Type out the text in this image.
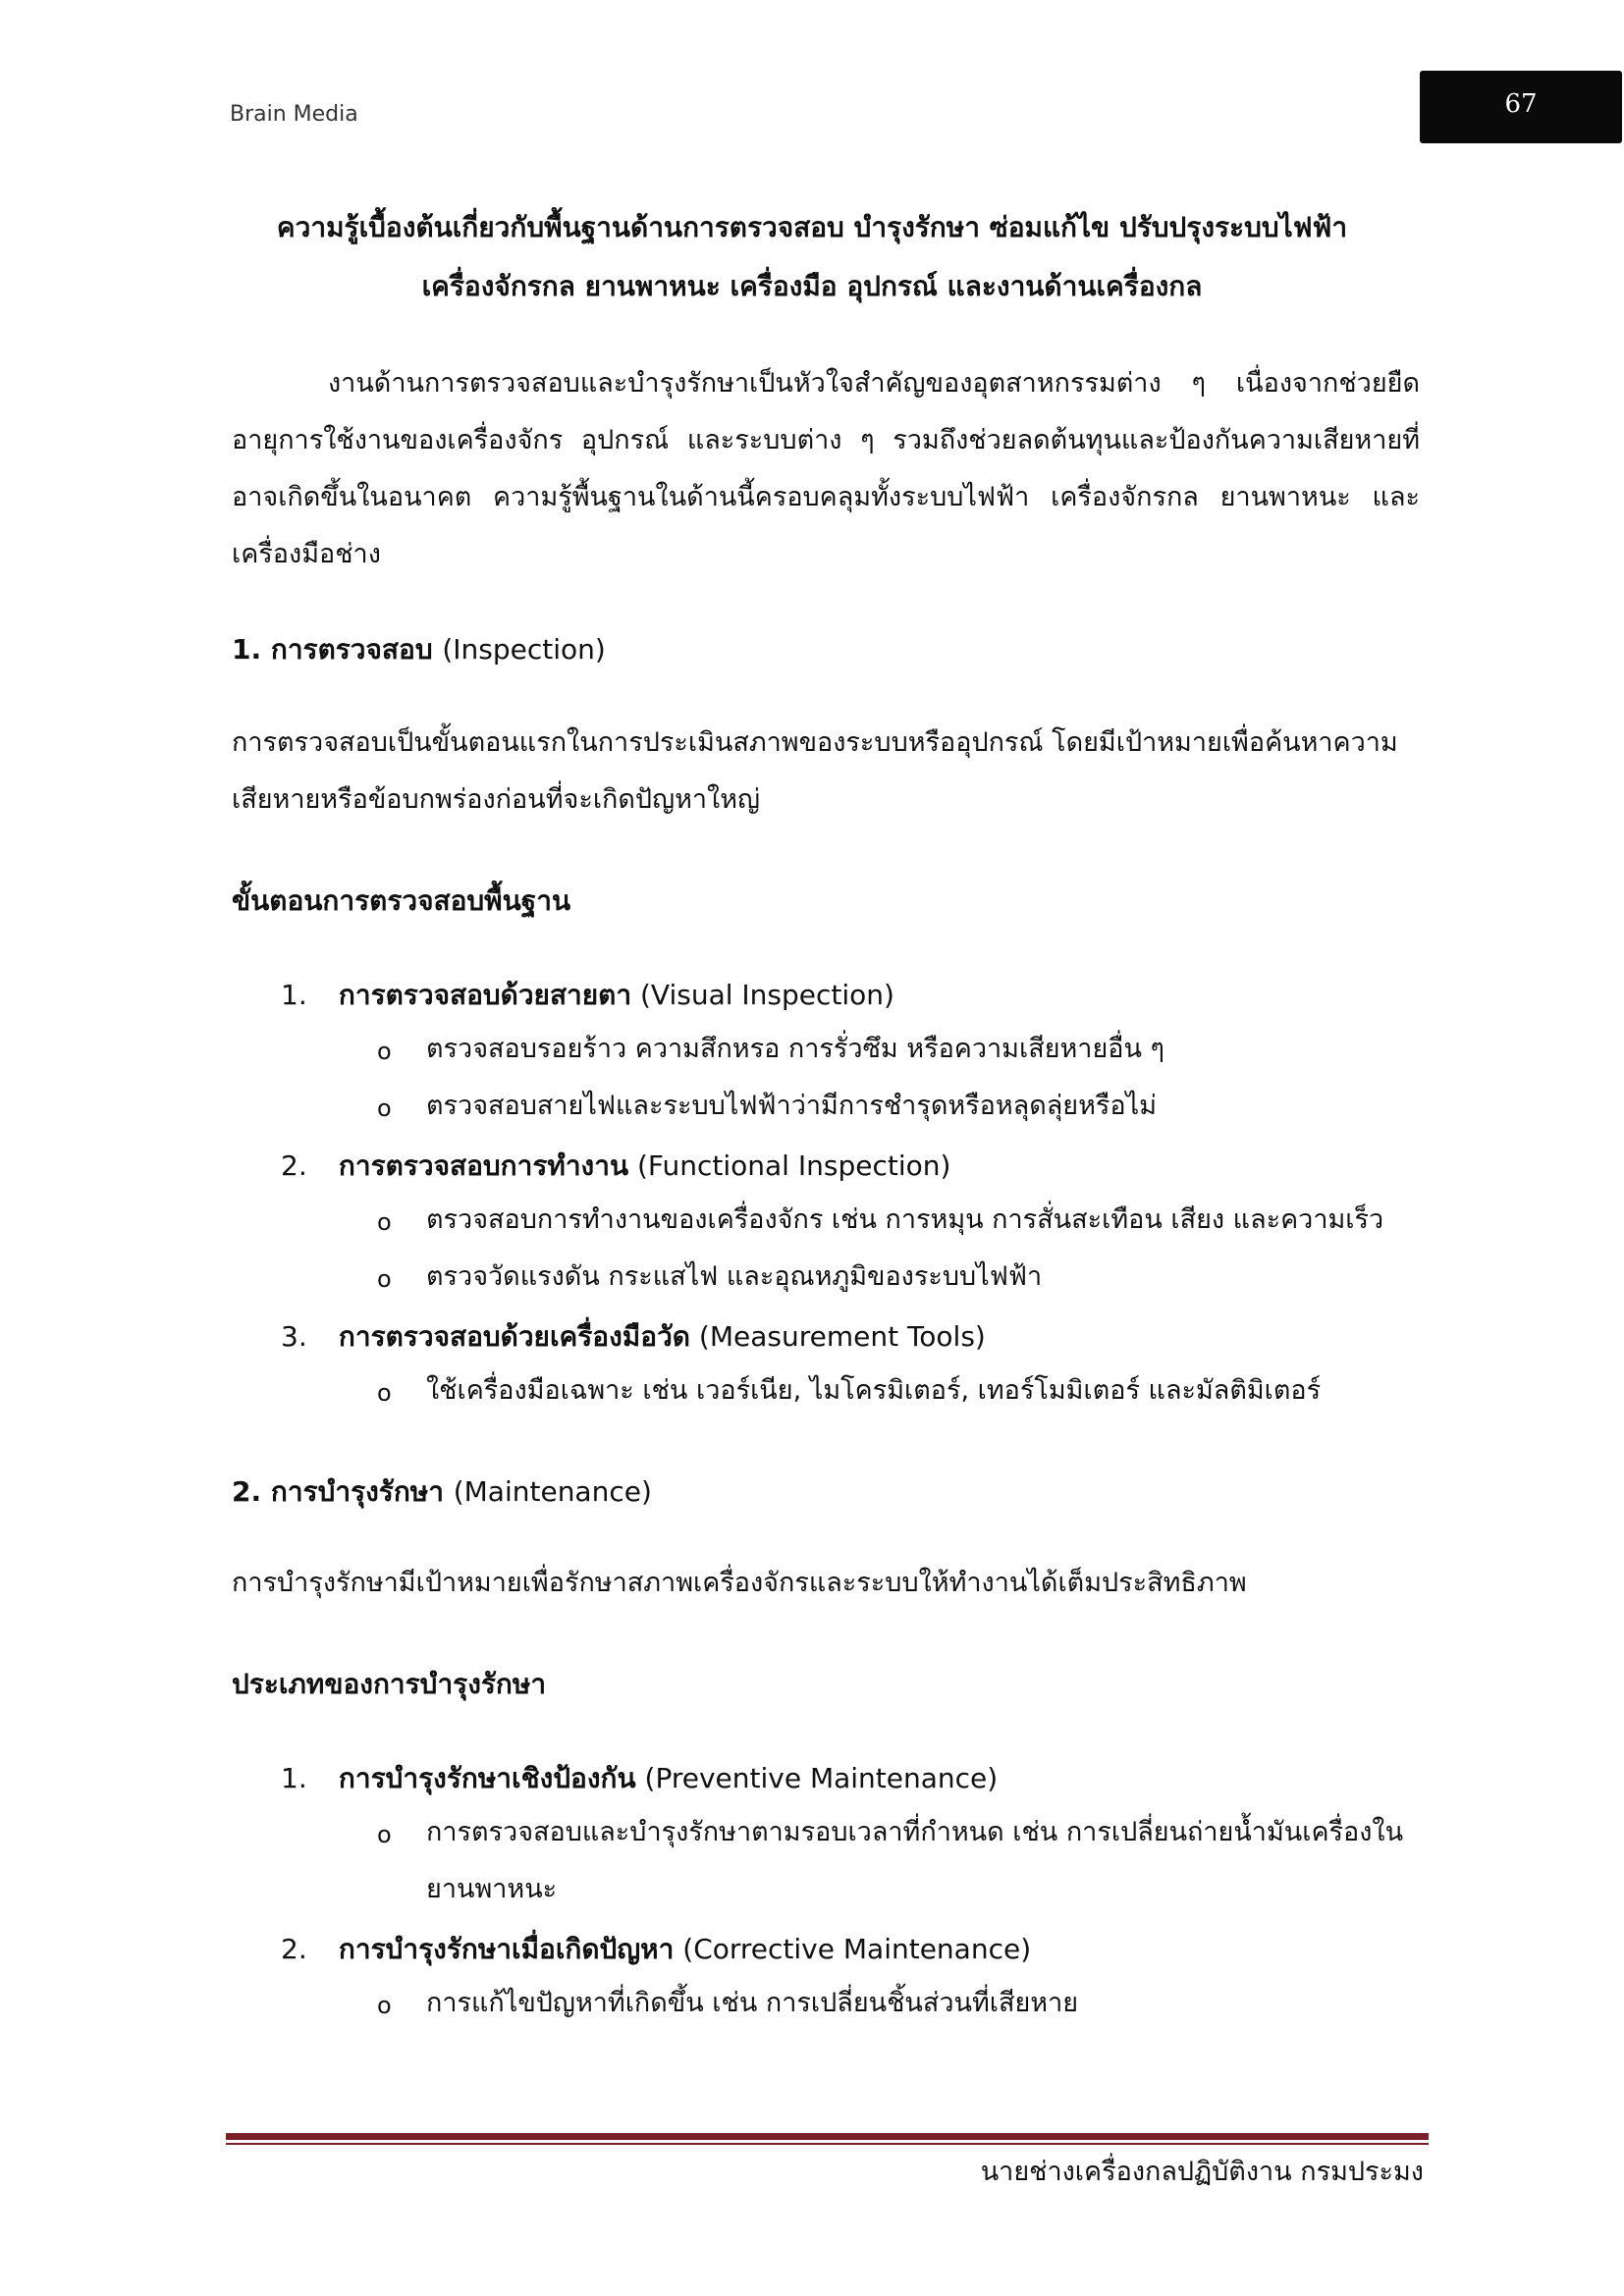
Brain Media	67
ความรู้เบื้องต้นเกี่ยวกับพื้นฐานด้านการตรวจสอบ บำรุงรักษา ซ่อมแก้ไข ปรับปรุงระบบไฟฟ้า
เครื่องจักรกล ยานพาหนะ เครื่องมือ อุปกรณ์ และงานด้านเครื่องกล
งานด้านการตรวจสอบและบำรุงรักษาเป็นหัวใจสำคัญของอุตสาหกรรมต่าง ๆ เนื่องจากช่วยยืดอายุการใช้งานของเครื่องจักร อุปกรณ์ และระบบต่าง ๆ รวมถึงช่วยลดต้นทุนและป้องกันความเสียหายที่อาจเกิดขึ้นในอนาคต ความรู้พื้นฐานในด้านนี้ครอบคลุมทั้งระบบไฟฟ้า เครื่องจักรกล ยานพาหนะ และเครื่องมือช่าง
1. การตรวจสอบ (Inspection)
การตรวจสอบเป็นขั้นตอนแรกในการประเมินสภาพของระบบหรืออุปกรณ์ โดยมีเป้าหมายเพื่อค้นหาความเสียหายหรือข้อบกพร่องก่อนที่จะเกิดปัญหาใหญ่
ขั้นตอนการตรวจสอบพื้นฐาน
1. การตรวจสอบด้วยสายตา (Visual Inspection)
o ตรวจสอบรอยร้าว ความสึกหรอ การรั่วซึม หรือความเสียหายอื่น ๆ
o ตรวจสอบสายไฟและระบบไฟฟ้าว่ามีการชำรุดหรือหลุดลุ่ยหรือไม่
2. การตรวจสอบการทำงาน (Functional Inspection)
o ตรวจสอบการทำงานของเครื่องจักร เช่น การหมุน การสั่นสะเทือน เสียง และความเร็ว
o ตรวจวัดแรงดัน กระแสไฟ และอุณหภูมิของระบบไฟฟ้า
3. การตรวจสอบด้วยเครื่องมือวัด (Measurement Tools)
o ใช้เครื่องมือเฉพาะ เช่น เวอร์เนีย, ไมโครมิเตอร์, เทอร์โมมิเตอร์ และมัลติมิเตอร์
2. การบำรุงรักษา (Maintenance)
การบำรุงรักษามีเป้าหมายเพื่อรักษาสภาพเครื่องจักรและระบบให้ทำงานได้เต็มประสิทธิภาพ
ประเภทของการบำรุงรักษา
1. การบำรุงรักษาเชิงป้องกัน (Preventive Maintenance)
o การตรวจสอบและบำรุงรักษาตามรอบเวลาที่กำหนด เช่น การเปลี่ยนถ่ายน้ำมันเครื่องในยานพาหนะ
2. การบำรุงรักษาเมื่อเกิดปัญหา (Corrective Maintenance)
o การแก้ไขปัญหาที่เกิดขึ้น เช่น การเปลี่ยนชิ้นส่วนที่เสียหาย
นายช่างเครื่องกลปฏิบัติงาน กรมประมง
